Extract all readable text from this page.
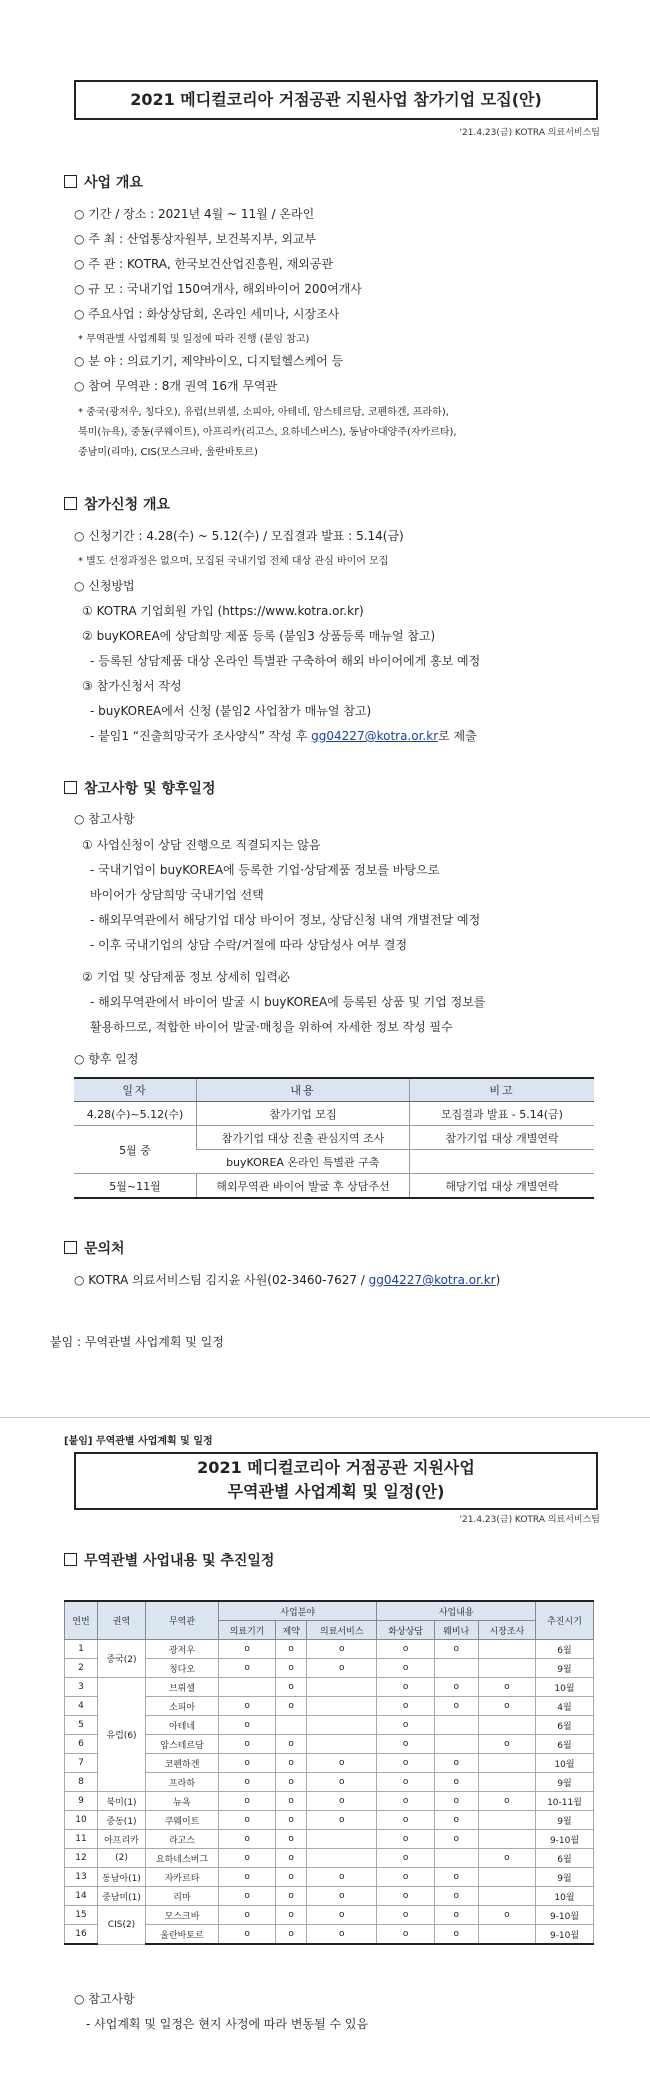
2021 메디컬코리아 거점공관 지원사업 참가기업 모집(안)
'21.4.23(금) KOTRA 의료서비스팀
사업 개요
○ 기간 / 장소 : 2021년 4월 ~ 11월 / 온라인
○ 주 최 : 산업통상자원부, 보건복지부, 외교부
○ 주 관 : KOTRA, 한국보건산업진흥원, 재외공관
○ 규 모 : 국내기업 150여개사, 해외바이어 200여개사
○ 주요사업 : 화상상담회, 온라인 세미나, 시장조사
* 무역관별 사업계획 및 일정에 따라 진행 (붙임 참고)
○ 분 야 : 의료기기, 제약바이오, 디지털헬스케어 등
○ 참여 무역관 : 8개 권역 16개 무역관
* 중국(광저우, 칭다오), 유럽(브뤼셀, 소피아, 아테네, 암스테르담, 코펜하겐, 프라하),
북미(뉴욕), 중동(쿠웨이트), 아프리카(리고스, 요하네스버스), 동남아대양주(자카르타),
중남미(리마), CIS(모스크바, 울란바토르)
참가신청 개요
○ 신청기간 : 4.28(수) ~ 5.12(수) / 모집결과 발표 : 5.14(금)
* 별도 선정과정은 없으며, 모집된 국내기업 전체 대상 관심 바이어 모집
○ 신청방법
① KOTRA 기업회원 가입 (https://www.kotra.or.kr)
② buyKOREA에 상담희망 제품 등록 (붙임3 상품등록 매뉴얼 참고)
- 등록된 상담제품 대상 온라인 특별관 구축하여 해외 바이어에게 홍보 예정
③ 참가신청서 작성
- buyKOREA에서 신청 (붙임2 사업참가 매뉴얼 참고)
- 붙임1 “진출희망국가 조사양식” 작성 후 gg04227@kotra.or.kr로 제출
참고사항 및 향후일정
○ 참고사항
① 사업신청이 상담 진행으로 직결되지는 않음
- 국내기업이 buyKOREA에 등록한 기업·상담제품 정보를 바탕으로
바이어가 상담희망 국내기업 선택
- 해외무역관에서 해당기업 대상 바이어 정보, 상담신청 내역 개별전달 예정
- 이후 국내기업의 상담 수락/거절에 따라 상담성사 여부 결정
② 기업 및 상담제품 정보 상세히 입력必
- 해외무역관에서 바이어 발굴 시 buyKOREA에 등록된 상품 및 기업 정보를
활용하므로, 적합한 바이어 발굴·매칭을 위하여 자세한 정보 작성 필수
○ 향후 일정
일자	내용	비고
4.28(수)~5.12(수)	참가기업 모집	모집결과 발표 - 5.14(금)
5월 중	참가기업 대상 진출 관심지역 조사	참가기업 대상 개별연락
	buyKOREA 온라인 특별관 구축	
5월~11월	해외무역관 바이어 발굴 후 상담주선	해당기업 대상 개별연락
문의처
○ KOTRA 의료서비스팀 김지윤 사원(02-3460-7627 / gg04227@kotra.or.kr)
붙임 : 무역관별 사업계획 및 일정
[붙임] 무역관별 사업계획 및 일정
2021 메디컬코리아 거점공관 지원사업
무역관별 사업계획 및 일정(안)
'21.4.23(금) KOTRA 의료서비스팀
무역관별 사업내용 및 추진일정
연번	권역	무역관	사업분야			사업내용			추진시기
			의료기기	제약	의료서비스	화상상담	웨비나	시장조사	
1	중국(2)	광저우	o	o	o	o	o		6월
2		칭다오	o	o	o	o			9월
3	유럽(6)	브뤼셀		o		o	o	o	10월
4		소피아	o	o		o	o	o	4월
5		아테네	o			o			6월
6		암스테르담	o	o		o		o	6월
7		코펜하겐	o	o	o	o	o		10월
8		프라하	o	o	o	o	o		9월
9	북미(1)	뉴욕	o	o	o	o	o	o	10-11월
10	중동(1)	쿠웨이트	o	o	o	o	o		9월
11	아프리카	라고스	o	o		o	o		9-10월
12	(2)	요하네스버그	o	o		o		o	6월
13	동남아(1)	자카르타	o	o	o	o	o		9월
14	중남미(1)	리마	o	o	o	o	o		10월
15	CIS(2)	모스크바	o	o	o	o	o	o	9-10월
16		울란바토르	o	o	o	o	o		9-10월
○ 참고사항
- 사업계획 및 일정은 현지 사정에 따라 변동될 수 있음
